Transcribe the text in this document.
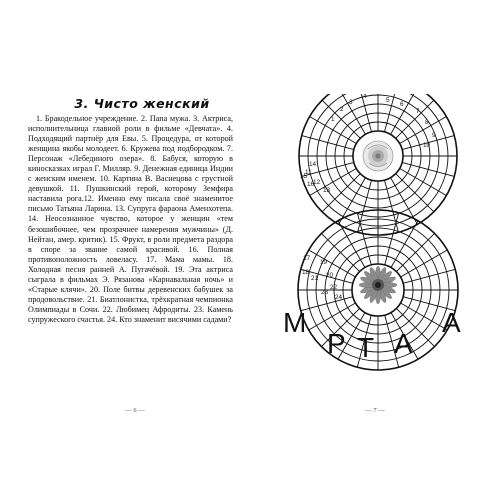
3. Чисто женский

1. Бракодельное учреждение. 2. Папа мужа. 3. Актриса, исполнительница главной роли в фильме «Девчата». 4. Подходящий партнёр для Евы. 5. Процедура, от которой женщина якобы молодеет. 6. Кружева под подбородком. 7. Персонаж «Лебединого озера». 8. Бабуся, которую в киносказках играл Г. Милляр. 9. Денежная единица Индии с женским именем. 10. Картина В. Васнецова с грустной девушкой. 11. Пушкинский герой, которому Земфира наставила рога.12. Именно ему писала своё знаменитое письмо Татьяна Ларина. 13. Супруга фараона Аменхотепа. 14. Неосознанное чувство, которое у женщин «тем безошибочнее, чем прозрачнее намерения мужчины» (Д. Нейтан, амер. критик). 15. Фрукт, в роли предмета раздора в споре за звание самой красивой. 16. Полная противоположность ловеласу. 17. Мама мамы. 18. Холодная песня ранней А. Пугачёвой. 19. Эта актриса сыграла в фильмах Э. Рязанова «Карнавальная ночь» и «Старые клячи». 20. Поле битвы деревенских бабушек за продовольствие. 21. Биатлонистка, трёхкратная чемпионка Олимпиады в Сочи. 22. Любимец Афродиты. 23. Камень супружеского счастья. 24. Кто знаменит висячими садами?

— 6 —
1
2
3
4
5
6
7
8
9
10
11
12
13
14
15
16
17
18
19
20
21
22
23
24
М	А
Р Т А
— 7 —
